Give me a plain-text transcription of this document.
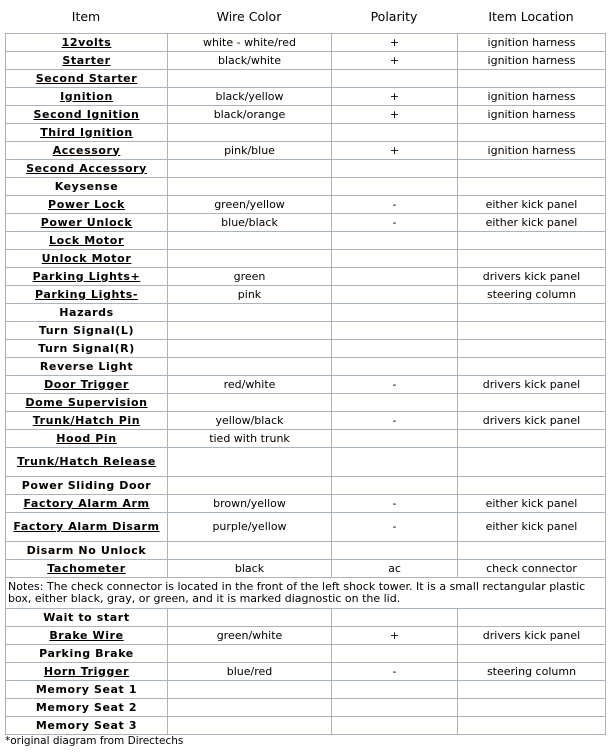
Item	Wire Color	Polarity	Item Location
12volts	white - white/red	+	ignition harness
Starter	black/white	+	ignition harness
Second Starter			
Ignition	black/yellow	+	ignition harness
Second Ignition	black/orange	+	ignition harness
Third Ignition			
Accessory	pink/blue	+	ignition harness
Second Accessory			
Keysense			
Power Lock	green/yellow	-	either kick panel
Power Unlock	blue/black	-	either kick panel
Lock Motor			
Unlock Motor			
Parking Lights+	green		drivers kick panel
Parking Lights-	pink		steering column
Hazards			
Turn Signal(L)			
Turn Signal(R)			
Reverse Light			
Door Trigger	red/white	-	drivers kick panel
Dome Supervision			
Trunk/Hatch Pin	yellow/black	-	drivers kick panel
Hood Pin	tied with trunk		
Trunk/Hatch Release			
Power Sliding Door			
Factory Alarm Arm	brown/yellow	-	either kick panel
Factory Alarm Disarm	purple/yellow	-	either kick panel
Disarm No Unlock			
Tachometer	black	ac	check connector
Notes: The check connector is located in the front of the left shock tower. It is a small rectangular plastic box, either black, gray, or green, and it is marked diagnostic on the lid.			
Wait to start			
Brake Wire	green/white	+	drivers kick panel
Parking Brake			
Horn Trigger	blue/red	-	steering column
Memory Seat 1			
Memory Seat 2			
Memory Seat 3			
*original diagram from Directechs
